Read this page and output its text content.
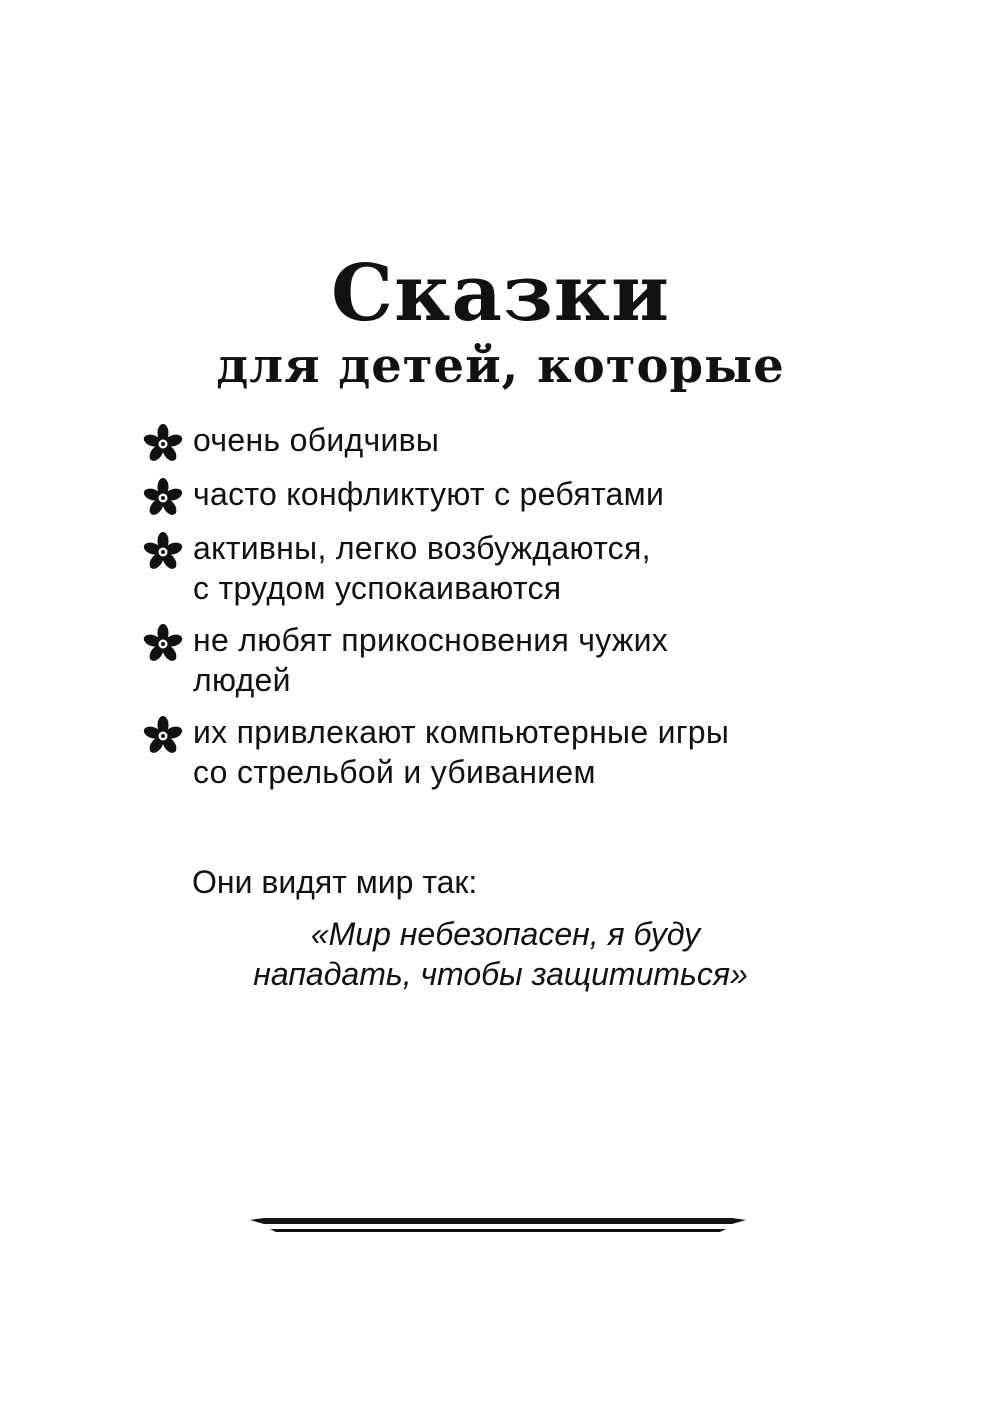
Сказки
для детей, которые
очень обидчивы
часто конфликтуют с ребятами
активны, легко возбуждаются,
с трудом успокаиваются
не любят прикосновения чужих
людей
их привлекают компьютерные игры
со стрельбой и убиванием

Они видят мир так:

«Мир небезопасен, я буду
нападать, чтобы защититься»
